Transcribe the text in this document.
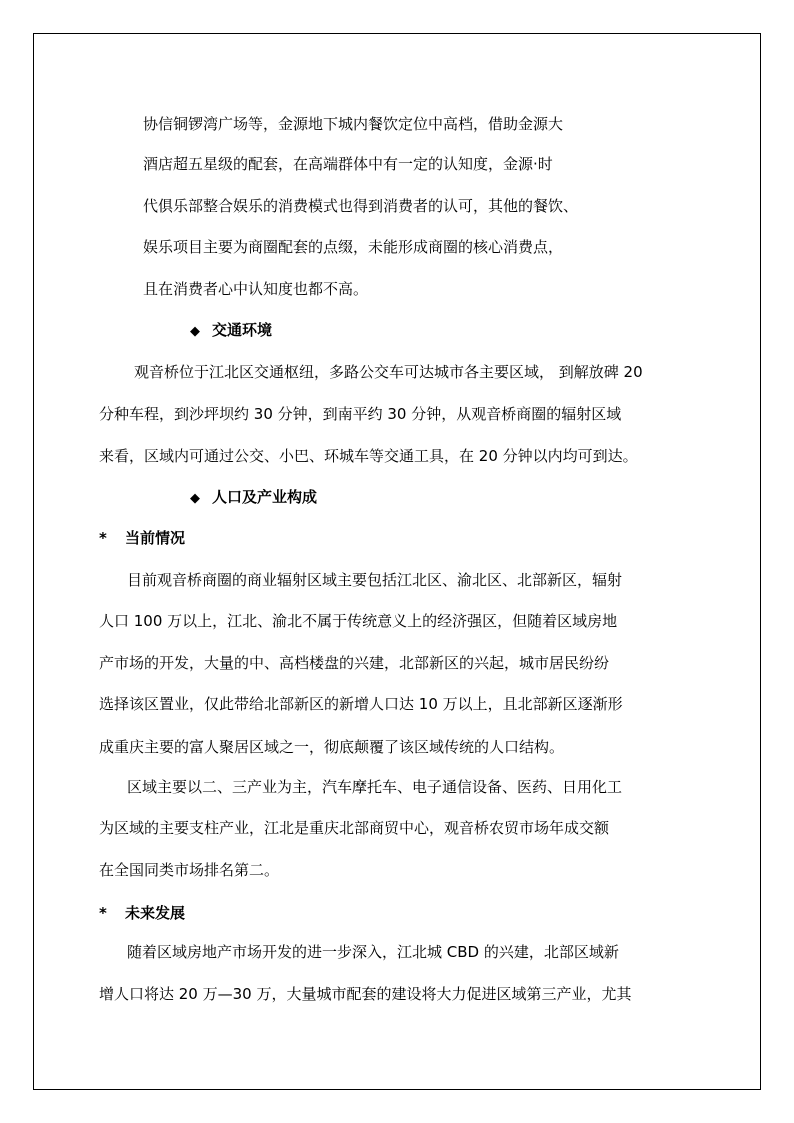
协信铜锣湾广场等，金源地下城内餐饮定位中高档，借助金源大
酒店超五星级的配套，在高端群体中有一定的认知度，金源·时
代俱乐部整合娱乐的消费模式也得到消费者的认可，其他的餐饮、
娱乐项目主要为商圈配套的点缀，未能形成商圈的核心消费点，
且在消费者心中认知度也都不高。
◆ 交通环境
观音桥位于江北区交通枢纽，多路公交车可达城市各主要区域， 到解放碑 20
分种车程，到沙坪坝约 30 分钟，到南平约 30 分钟，从观音桥商圈的辐射区域
来看，区域内可通过公交、小巴、环城车等交通工具，在 20 分钟以内均可到达。
◆ 人口及产业构成
* 当前情况
目前观音桥商圈的商业辐射区域主要包括江北区、渝北区、北部新区，辐射
人口 100 万以上，江北、渝北不属于传统意义上的经济强区，但随着区域房地
产市场的开发，大量的中、高档楼盘的兴建，北部新区的兴起，城市居民纷纷
选择该区置业，仅此带给北部新区的新增人口达 10 万以上，且北部新区逐渐形
成重庆主要的富人聚居区域之一，彻底颠覆了该区域传统的人口结构。
区域主要以二、三产业为主，汽车摩托车、电子通信设备、医药、日用化工
为区域的主要支柱产业，江北是重庆北部商贸中心，观音桥农贸市场年成交额
在全国同类市场排名第二。
* 未来发展
随着区域房地产市场开发的进一步深入，江北城 CBD 的兴建，北部区域新
增人口将达 20 万—30 万，大量城市配套的建设将大力促进区域第三产业，尤其
